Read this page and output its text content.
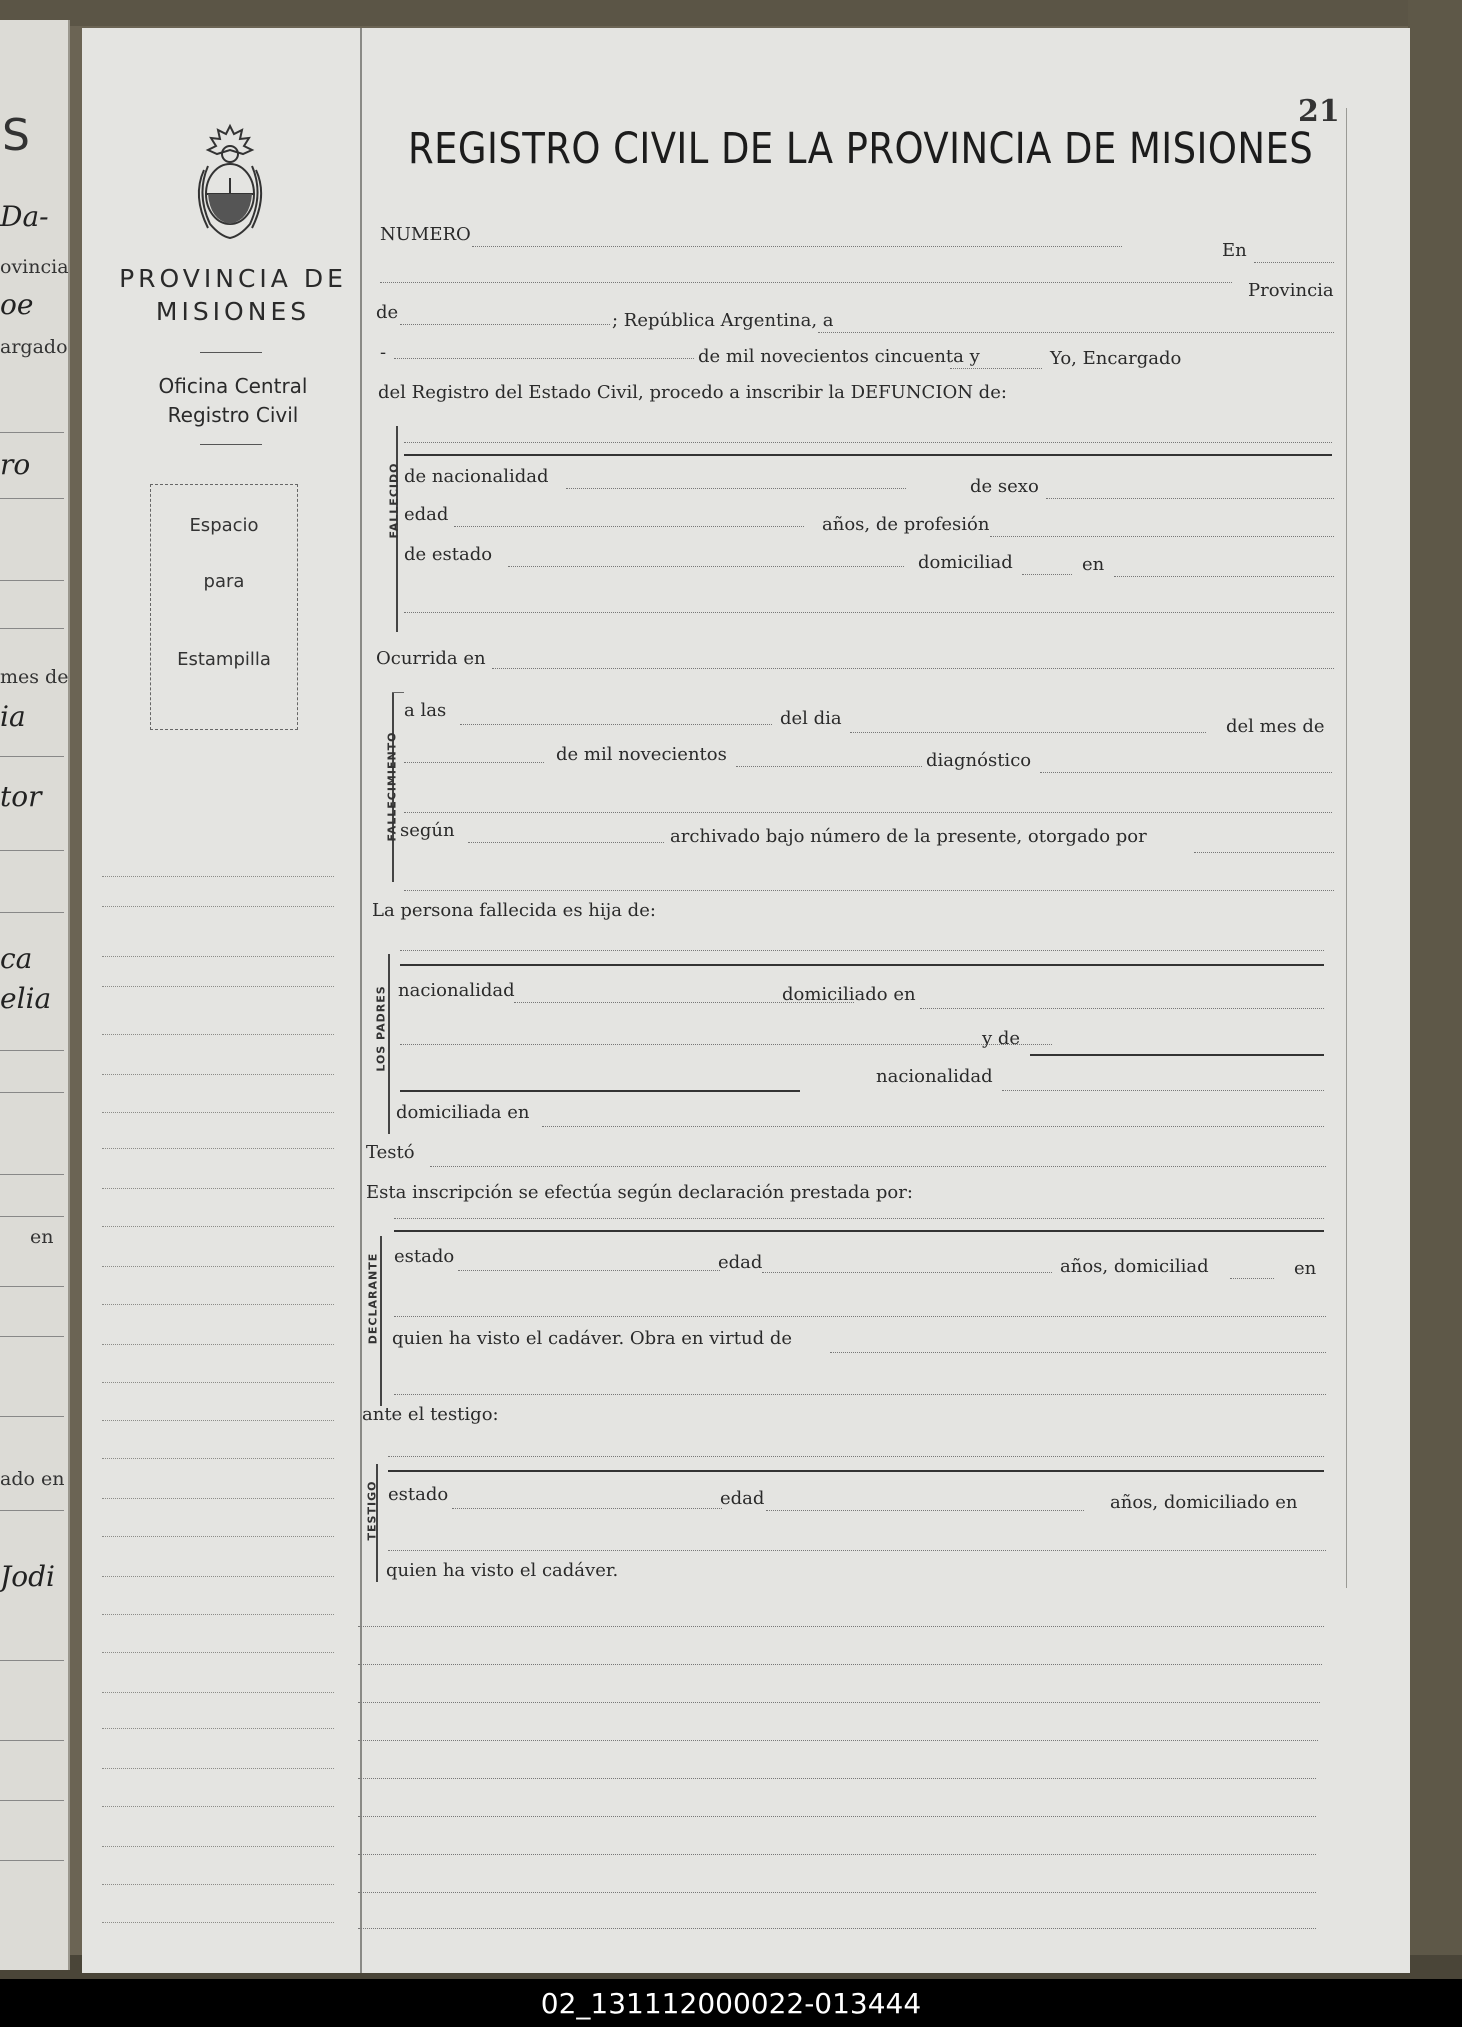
S
Da-
ovincia
oe
argado
ro
mes de
ia
tor
ca
elia
en
ado en
Jodi
PROVINCIA DE MISIONES
Oficina Central
Registro Civil
Espacio
para
Estampilla
21
REGISTRO CIVIL DE LA PROVINCIA DE MISIONES
NUMERO
En
Provincia
de	; República Argentina, a
-	de mil novecientos cincuenta y	Yo, Encargado
del Registro del Estado Civil, procedo a inscribir la DEFUNCION de:
FALLECIDO de nacionalidad	de sexo
edad	años, de profesión
de estado	domiciliad	en
Ocurrida en
FALLECIMIENTO
a las	del dia	del mes de
de mil novecientos	diagnóstico
según	archivado bajo número de la presente, otorgado por
La persona fallecida es hija de:
LOS PADRES nacionalidad	domiciliado en
y de
nacionalidad
domiciliada en
Testó
Esta inscripción se efectúa según declaración prestada por:
DECLARANTE estado	edad	años, domiciliad	en
quien ha visto el cadáver. Obra en virtud de
ante el testigo:
TESTIGO estado	edad	años, domiciliado en
quien ha visto el cadáver.
02_131112000022-013444
